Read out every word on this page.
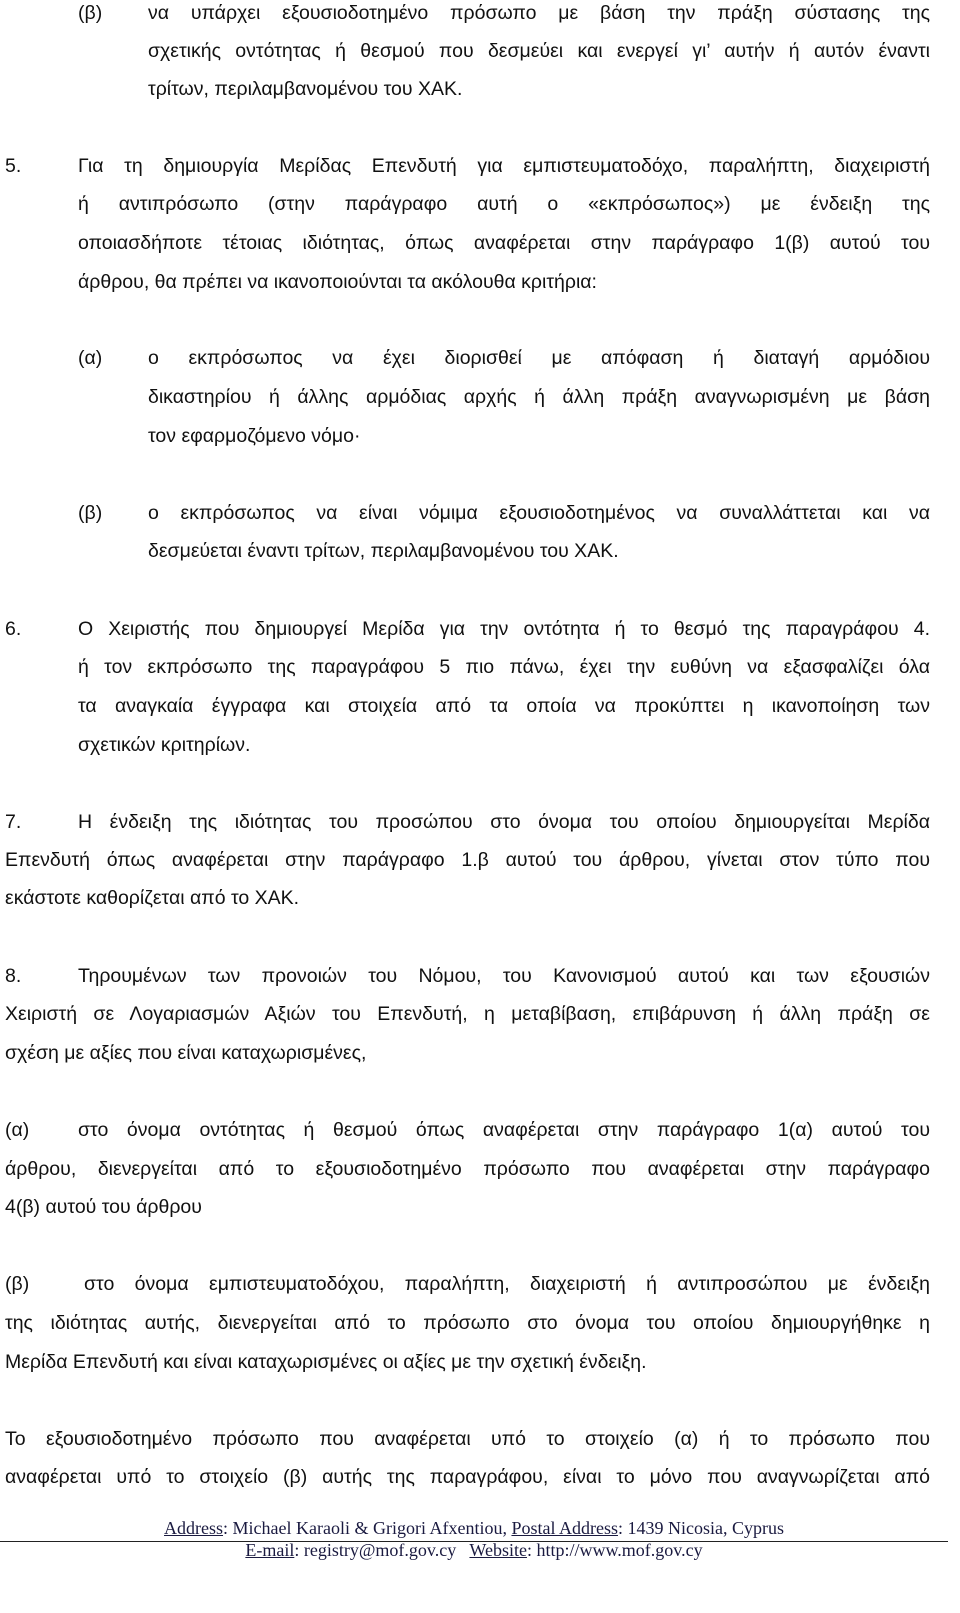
(β) να υπάρχει εξουσιοδοτημένο πρόσωπο με βάση την πράξη σύστασης της
σχετικής οντότητας ή θεσμού που δεσμεύει και ενεργεί γι’ αυτήν ή αυτόν έναντι
τρίτων, περιλαμβανομένου του ΧΑΚ.
5.	Για τη δημιουργία Μερίδας Επενδυτή για εμπιστευματοδόχο, παραλήπτη, διαχειριστή
ή αντιπρόσωπο (στην παράγραφο αυτή ο «εκπρόσωπος») με ένδειξη της
οποιασδήποτε τέτοιας ιδιότητας, όπως αναφέρεται στην παράγραφο 1(β) αυτού του
άρθρου, θα πρέπει να ικανοποιούνται τα ακόλουθα κριτήρια:
(α) ο εκπρόσωπος να έχει διορισθεί με απόφαση ή διαταγή αρμόδιου
δικαστηρίου ή άλλης αρμόδιας αρχής ή άλλη πράξη αναγνωρισμένη με βάση
τον εφαρμοζόμενο νόμο·
(β) ο εκπρόσωπος να είναι νόμιμα εξουσιοδοτημένος να συναλλάττεται και να
δεσμεύεται έναντι τρίτων, περιλαμβανομένου του ΧΑΚ.
6.	Ο Χειριστής που δημιουργεί Μερίδα για την οντότητα ή το θεσμό της παραγράφου 4.
ή τον εκπρόσωπο της παραγράφου 5 πιο πάνω, έχει την ευθύνη να εξασφαλίζει όλα
τα αναγκαία έγγραφα και στοιχεία από τα οποία να προκύπτει η ικανοποίηση των
σχετικών κριτηρίων.
7.	Η ένδειξη της ιδιότητας του προσώπου στο όνομα του οποίου δημιουργείται Μερίδα
Επενδυτή όπως αναφέρεται στην παράγραφο 1.β αυτού του άρθρου, γίνεται στον τύπο που
εκάστοτε καθορίζεται από το ΧΑΚ.
8.	Τηρουμένων των προνοιών του Νόμου, του Κανονισμού αυτού και των εξουσιών
Χειριστή σε Λογαριασμών Αξιών του Επενδυτή, η μεταβίβαση, επιβάρυνση ή άλλη πράξη σε
σχέση με αξίες που είναι καταχωρισμένες,
(α) στο όνομα οντότητας ή θεσμού όπως αναφέρεται στην παράγραφο 1(α) αυτού του
άρθρου, διενεργείται από το εξουσιοδοτημένο πρόσωπο που αναφέρεται στην παράγραφο
4(β) αυτού του άρθρου
(β)	στο όνομα εμπιστευματοδόχου, παραλήπτη, διαχειριστή ή αντιπροσώπου με ένδειξη
της ιδιότητας αυτής, διενεργείται από το πρόσωπο στο όνομα του οποίου δημιουργήθηκε η
Μερίδα Επενδυτή και είναι καταχωρισμένες οι αξίες με την σχετική ένδειξη.
Το εξουσιοδοτημένο πρόσωπο που αναφέρεται υπό το στοιχείο (α) ή το πρόσωπο που
αναφέρεται υπό το στοιχείο (β) αυτής της παραγράφου, είναι το μόνο που αναγνωρίζεται από
Address: Michael Karaoli & Grigori Afxentiou, Postal Address: 1439 Nicosia, Cyprus
E-mail: registry@mof.gov.cy Website: http://www.mof.gov.cy
